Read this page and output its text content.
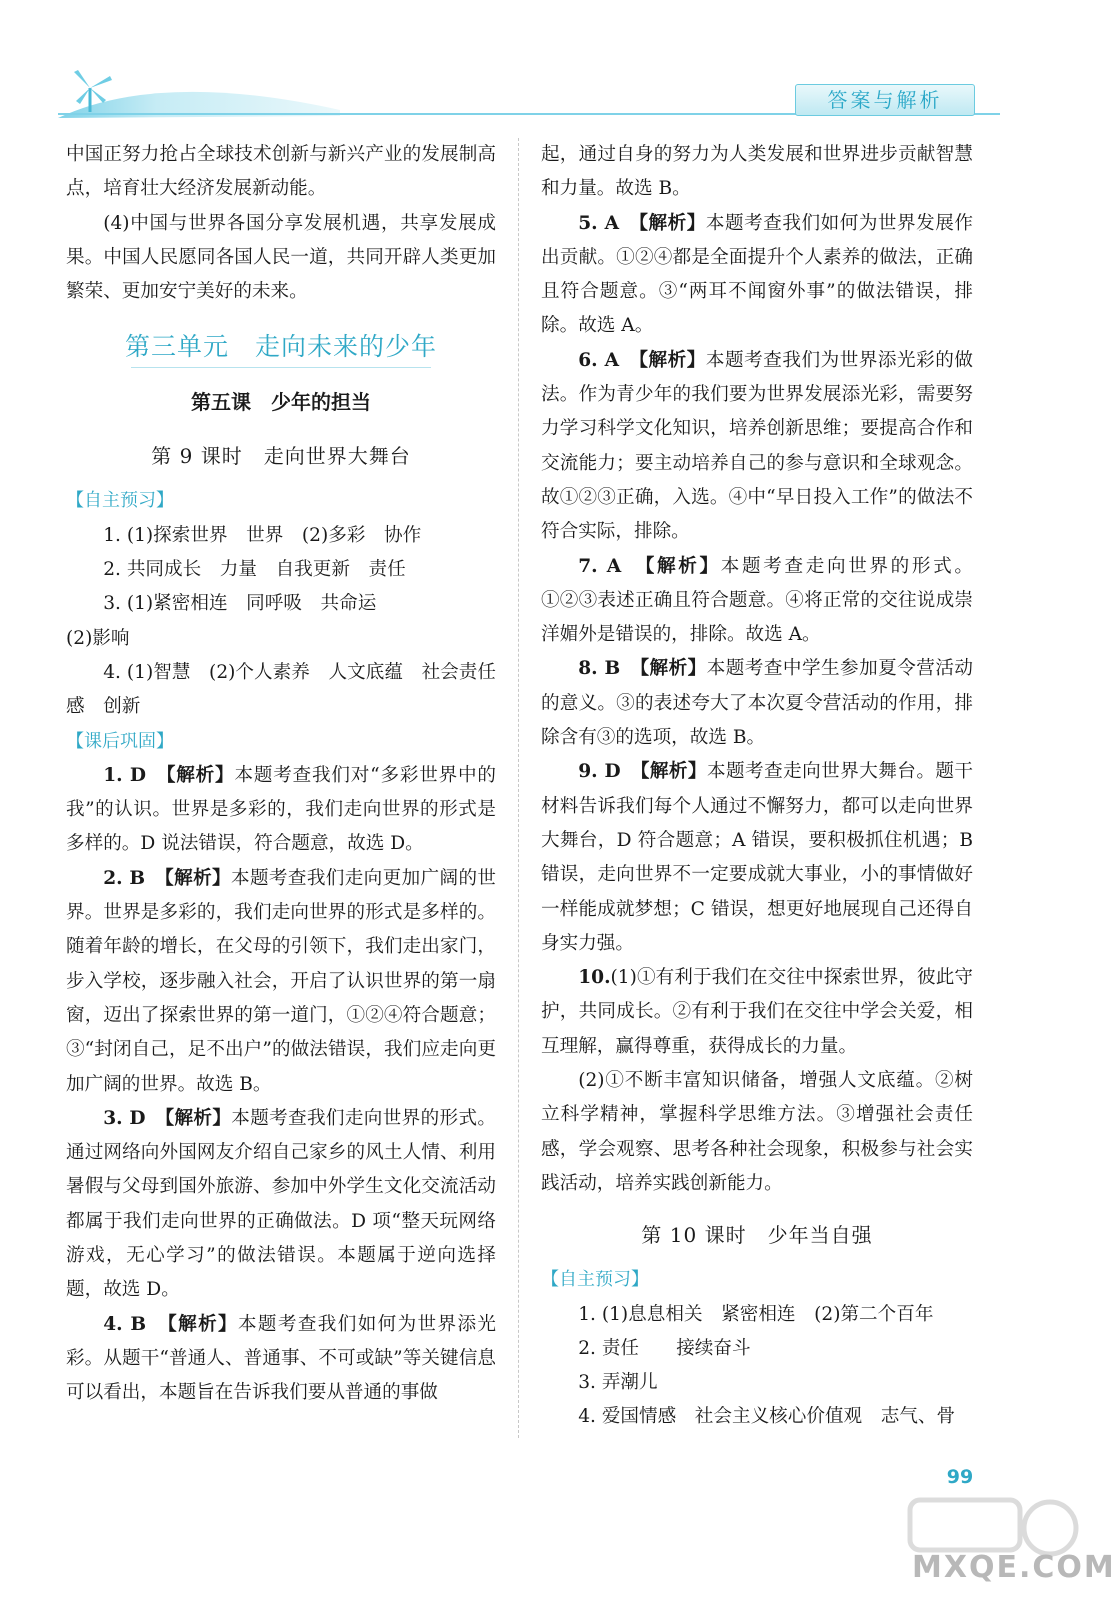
答案与解析

中国正努力抢占全球技术创新与新兴产业的发展制高点，培育壮大经济发展新动能。

(4)中国与世界各国分享发展机遇，共享发展成果。中国人民愿同各国人民一道，共同开辟人类更加繁荣、更加安宁美好的未来。

第三单元　走向未来的少年
第五课　少年的担当
第 9 课时　走向世界大舞台
【自主预习】

1. (1)探索世界　世界　(2)多彩　协作

2. 共同成长　力量　自我更新　责任

3. (1)紧密相连　同呼吸　共命运

(2)影响

4. (1)智慧　(2)个人素养　人文底蕴　社会责任感　创新

【课后巩固】

1. D　 【解析】本题考查我们对“多彩世界中的我”的认识。世界是多彩的，我们走向世界的形式是多样的。D 说法错误，符合题意，故选 D。

2. B　 【解析】本题考查我们走向更加广阔的世界。世界是多彩的，我们走向世界的形式是多样的。随着年龄的增长，在父母的引领下，我们走出家门，步入学校，逐步融入社会，开启了认识世界的第一扇窗，迈出了探索世界的第一道门，①②④符合题意；③“封闭自己，足不出户”的做法错误，我们应走向更加广阔的世界。故选 B。

3. D　 【解析】本题考查我们走向世界的形式。通过网络向外国网友介绍自己家乡的风土人情、利用暑假与父母到国外旅游、参加中外学生文化交流活动都属于我们走向世界的正确做法。D 项“整天玩网络游戏，无心学习”的做法错误。本题属于逆向选择题，故选 D。

4. B　 【解析】本题考查我们如何为世界添光彩。从题干“普通人、普通事、不可或缺”等关键信息可以看出，本题旨在告诉我们要从普通的事做

起，通过自身的努力为人类发展和世界进步贡献智慧和力量。故选 B。

5. A　 【解析】本题考查我们如何为世界发展作出贡献。①②④都是全面提升个人素养的做法，正确且符合题意。③“两耳不闻窗外事”的做法错误，排除。故选 A。

6. A　 【解析】本题考查我们为世界添光彩的做法。作为青少年的我们要为世界发展添光彩，需要努力学习科学文化知识，培养创新思维；要提高合作和交流能力；要主动培养自己的参与意识和全球观念。故①②③正确，入选。④中“早日投入工作”的做法不符合实际，排除。

7. A　 【解析】本题考查走向世界的形式。①②③表述正确且符合题意。④将正常的交往说成崇洋媚外是错误的，排除。故选 A。

8. B　 【解析】本题考查中学生参加夏令营活动的意义。③的表述夸大了本次夏令营活动的作用，排除含有③的选项，故选 B。

9. D　 【解析】本题考查走向世界大舞台。题干材料告诉我们每个人通过不懈努力，都可以走向世界大舞台，D 符合题意；A 错误，要积极抓住机遇；B 错误，走向世界不一定要成就大事业，小的事情做好一样能成就梦想；C 错误，想更好地展现自己还得自身实力强。

10.(1)①有利于我们在交往中探索世界，彼此守护，共同成长。②有利于我们在交往中学会关爱，相互理解，赢得尊重，获得成长的力量。

(2)①不断丰富知识储备，增强人文底蕴。②树立科学精神，掌握科学思维方法。③增强社会责任感，学会观察、思考各种社会现象，积极参与社会实践活动，培养实践创新能力。

第 10 课时　少年当自强
【自主预习】

1. (1)息息相关　紧密相连　(2)第二个百年

2. 责任　　接续奋斗

3. 弄潮儿

4. 爱国情感　社会主义核心价值观　志气、骨

99
MXQE.COM
